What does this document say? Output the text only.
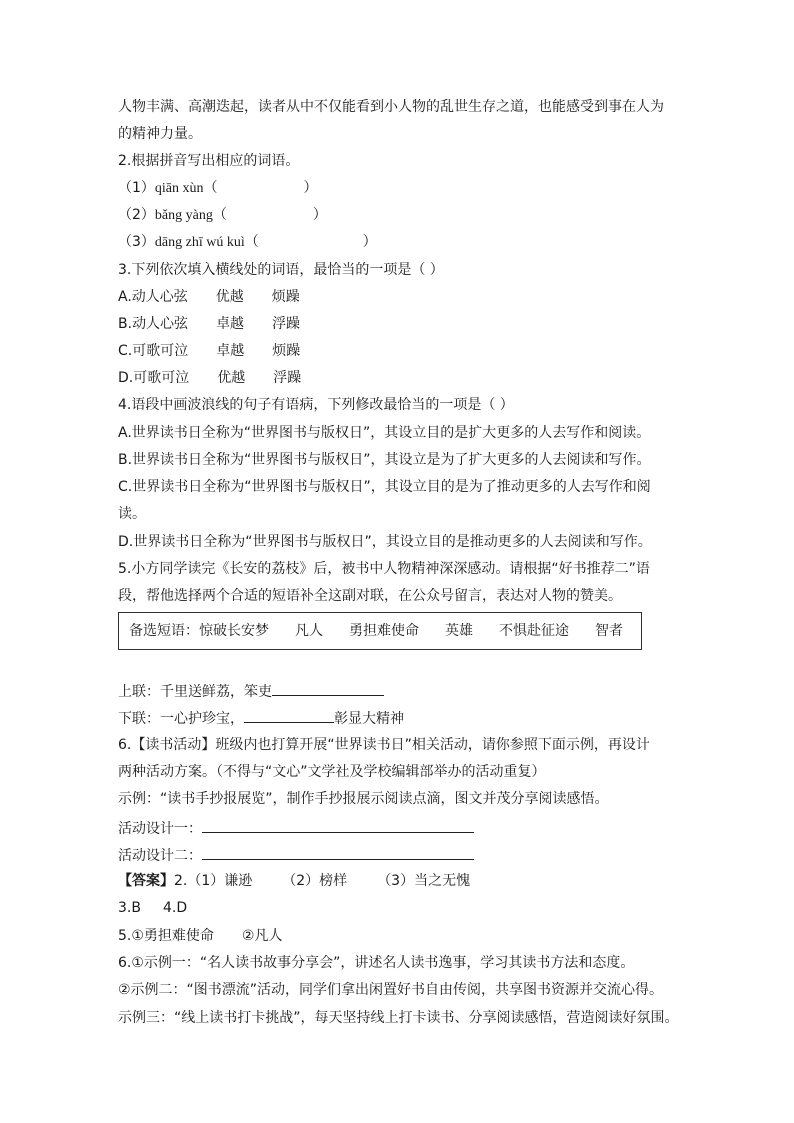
人物丰满、高潮迭起，读者从中不仅能看到小人物的乱世生存之道，也能感受到事在人为
的精神力量。
2.根据拼音写出相应的词语。
（1）qiān xùn（	）
（2）bǎng yàng（	）
（3）dāng zhī wú kuì（	）
3.下列依次填入横线处的词语，最恰当的一项是（ ）
A.动人心弦 优越 烦躁
B.动人心弦 卓越 浮躁
C.可歌可泣 卓越 烦躁
D.可歌可泣 优越 浮躁
4.语段中画波浪线的句子有语病，下列修改最恰当的一项是（ ）
A.世界读书日全称为“世界图书与版权日”，其设立目的是扩大更多的人去写作和阅读。
B.世界读书日全称为“世界图书与版权日”，其设立是为了扩大更多的人去阅读和写作。
C.世界读书日全称为“世界图书与版权日”，其设立目的是为了推动更多的人去写作和阅
读。
D.世界读书日全称为“世界图书与版权日”，其设立目的是推动更多的人去阅读和写作。
5.小方同学读完《长安的荔枝》后，被书中人物精神深深感动。请根据“好书推荐二”语
段，帮他选择两个合适的短语补全这副对联，在公众号留言，表达对人物的赞美。
备选短语：惊破长安梦 凡人 勇担难使命 英雄 不惧赴征途 智者
上联：千里送鲜荔，笨吏
下联：一心护珍宝，	彰显大精神
6.【读书活动】班级内也打算开展“世界读书日”相关活动，请你参照下面示例，再设计
两种活动方案。（不得与“文心”文学社及学校编辑部举办的活动重复）
示例：“读书手抄报展览”，制作手抄报展示阅读点滴，图文并茂分享阅读感悟。
活动设计一：
活动设计二：
【答案】2.（1）谦逊 （2）榜样 （3）当之无愧
3.B 4.D
5.①勇担难使命 ②凡人
6.①示例一：“名人读书故事分享会”，讲述名人读书逸事，学习其读书方法和态度。
②示例二：“图书漂流”活动，同学们拿出闲置好书自由传阅，共享图书资源并交流心得。
示例三：“线上读书打卡挑战”，每天坚持线上打卡读书、分享阅读感悟，营造阅读好氛围。
